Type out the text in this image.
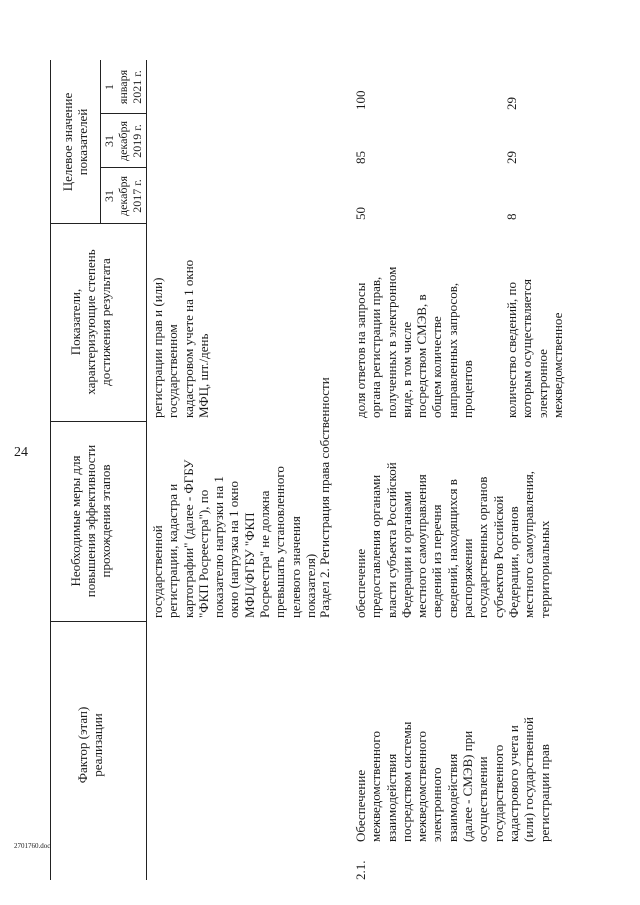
24
2701760.doc
Фактор (этап)
реализации
Необходимые меры для
повышения эффективности
прохождения этапов
Показатели,
характеризующие степень
достижения результата
Целевое значение
показателей
31
декабря
2017 г.
31
декабря
2019 г.
1
января
2021 г.
государственной
регистрации, кадастра и
картографии" (далее - ФГБУ
"ФКП Росреестра"), по
показателю нагрузки на 1
окно (нагрузка на 1 окно
МФЦ/ФГБУ "ФКП
Росреестра" не должна
превышать установленного
целевого значения
показателя)
регистрации прав и (или)
государственном
кадастровом учете на 1 окно
МФЦ, шт./день
Раздел 2. Регистрация права собственности
2.1.
Обеспечение
межведомственного
взаимодействия
посредством системы
межведомственного
электронного
взаимодействия
(далее - СМЭВ) при
осуществлении
государственного
кадастрового учета и
(или) государственной
регистрации прав
обеспечение
предоставления органами
власти субъекта Российской
Федерации и органами
местного самоуправления
сведений из перечня
сведений, находящихся в
распоряжении
государственных органов
субъектов Российской
Федерации, органов
местного самоуправления,
территориальных
доля ответов на запросы
органа регистрации прав,
полученных в электронном
виде, в том числе
посредством СМЭВ, в
общем количестве
направленных запросов,
процентов количество сведений, по
которым осуществляется
электронное
межведомственное
50
85
100
8
29
29
